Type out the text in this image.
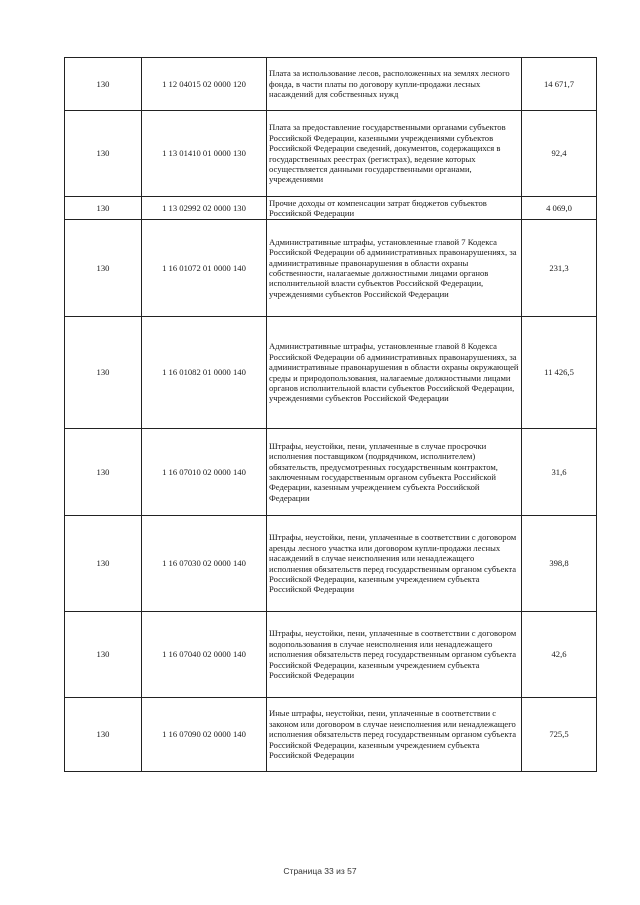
130	1 12 04015 02 0000 120	Плата за использование лесов, расположенных на землях лесного фонда, в части платы по договору купли-продажи лесных насаждений для собственных нужд	14 671,7
130	1 13 01410 01 0000 130	Плата за предоставление государственными органами субъектов Российской Федерации, казенными учреждениями субъектов Российской Федерации сведений, документов, содержащихся в государственных реестрах (регистрах), ведение которых осуществляется данными государственными органами, учреждениями	92,4
130	1 13 02992 02 0000 130	Прочие доходы от компенсации затрат бюджетов субъектов Российской Федерации	4 069,0
130	1 16 01072 01 0000 140	Административные штрафы, установленные главой 7 Кодекса Российской Федерации об административных правонарушениях, за административные правонарушения в области охраны собственности, налагаемые должностными лицами органов исполнительной власти субъектов Российской Федерации, учреждениями субъектов Российской Федерации	231,3
130	1 16 01082 01 0000 140	Административные штрафы, установленные главой 8 Кодекса Российской Федерации об административных правонарушениях, за административные правонарушения в области охраны окружающей среды и природопользования, налагаемые должностными лицами органов исполнительной власти субъектов Российской Федерации, учреждениями субъектов Российской Федерации	11 426,5
130	1 16 07010 02 0000 140	Штрафы, неустойки, пени, уплаченные в случае просрочки исполнения поставщиком (подрядчиком, исполнителем) обязательств, предусмотренных государственным контрактом, заключенным государственным органом субъекта Российской Федерации, казенным учреждением субъекта Российской Федерации	31,6
130	1 16 07030 02 0000 140	Штрафы, неустойки, пени, уплаченные в соответствии с договором аренды лесного участка или договором купли-продажи лесных насаждений в случае неисполнения или ненадлежащего исполнения обязательств перед государственным органом субъекта Российской Федерации, казенным учреждением субъекта Российской Федерации	398,8
130	1 16 07040 02 0000 140	Штрафы, неустойки, пени, уплаченные в соответствии с договором водопользования в случае неисполнения или ненадлежащего исполнения обязательств перед государственным органом субъекта Российской Федерации, казенным учреждением субъекта Российской Федерации	42,6
130	1 16 07090 02 0000 140	Иные штрафы, неустойки, пени, уплаченные в соответствии с законом или договором в случае неисполнения или ненадлежащего исполнения обязательств перед государственным органом субъекта Российской Федерации, казенным учреждением субъекта Российской Федерации	725,5
Страница 33 из 57
